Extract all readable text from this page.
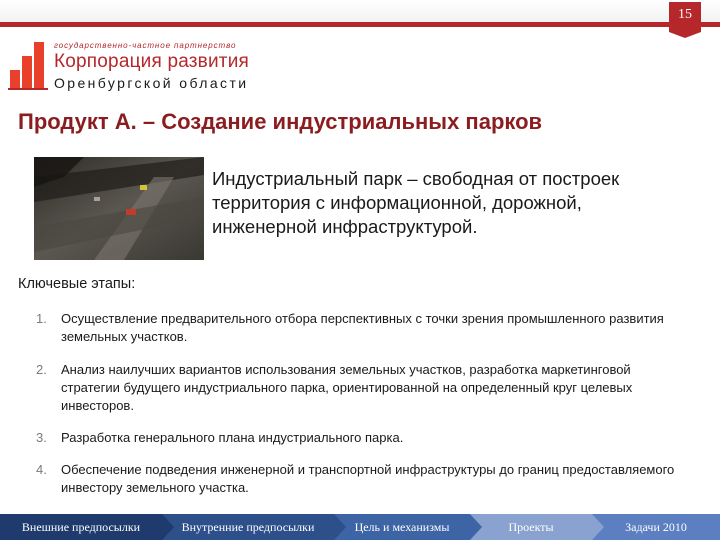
15
государственно-частное партнерство
Корпорация развития
Оренбургской области
Продукт А. – Создание индустриальных парков
Индустриальный парк – свободная от построек территория с информационной, дорожной, инженерной инфраструктурой.
Ключевые этапы:
1. Осуществление предварительного отбора перспективных с точки зрения промышленного развития земельных участков.
2. Анализ наилучших вариантов использования земельных участков, разработка маркетинговой стратегии будущего индустриального парка, ориентированной на определенный круг целевых инвесторов.
3. Разработка генерального плана индустриального парка.
4. Обеспечение подведения инженерной и транспортной инфраструктуры до границ предоставляемого инвестору земельного участка.
Внешние предпосылки	Внутренние предпосылки	Цель и механизмы	Проекты	Задачи 2010
